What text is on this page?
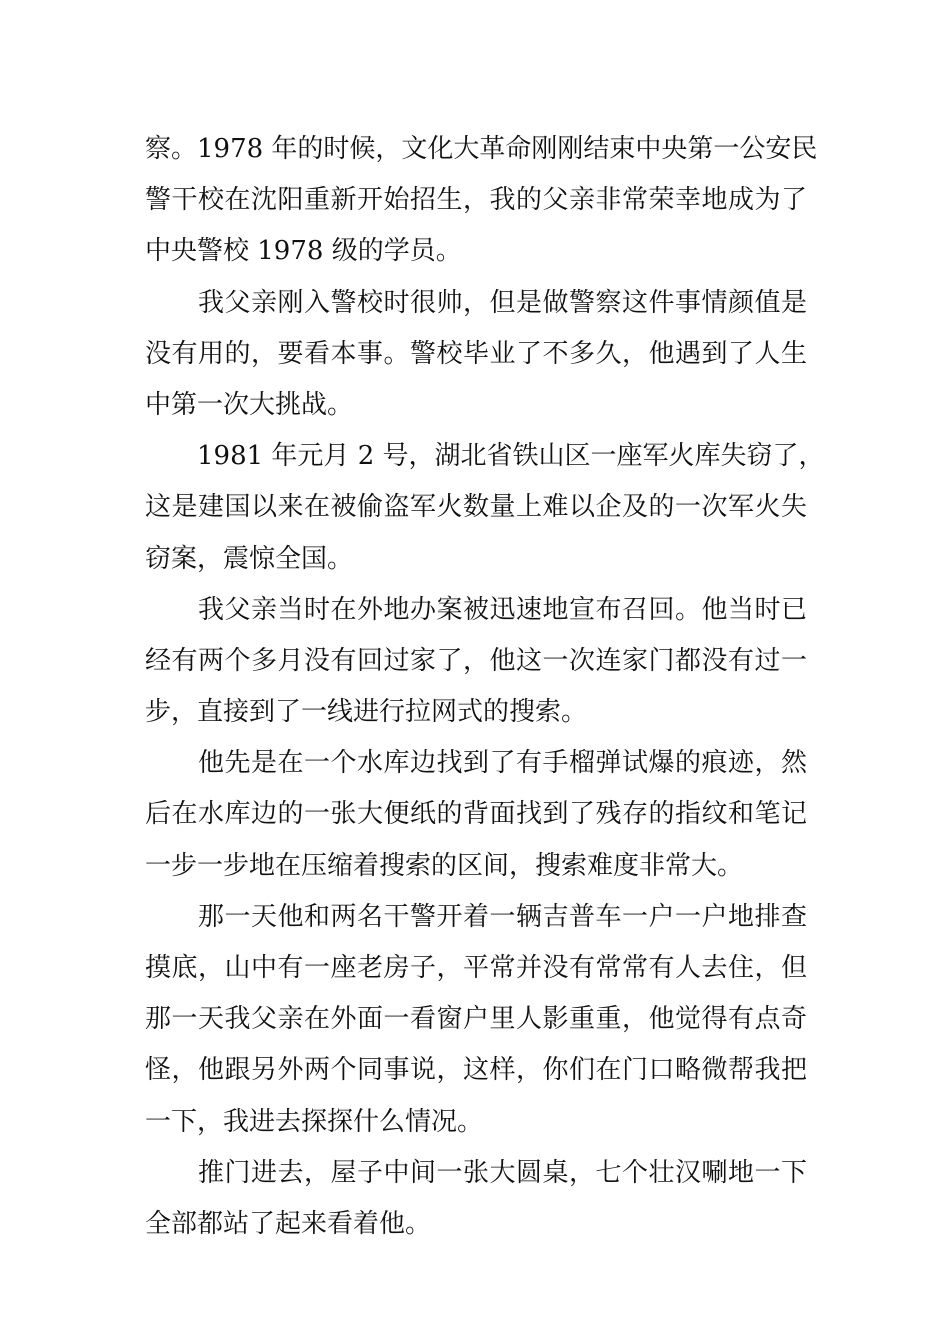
察。1978 年的时候，文化大革命刚刚结束中央第一公安民
警干校在沈阳重新开始招生，我的父亲非常荣幸地成为了
中央警校 1978 级的学员。
　　我父亲刚入警校时很帅，但是做警察这件事情颜值是
没有用的，要看本事。警校毕业了不多久，他遇到了人生
中第一次大挑战。
　　1981 年元月 2 号，湖北省铁山区一座军火库失窃了，
这是建国以来在被偷盗军火数量上难以企及的一次军火失
窃案，震惊全国。
　　我父亲当时在外地办案被迅速地宣布召回。他当时已
经有两个多月没有回过家了，他这一次连家门都没有过一
步，直接到了一线进行拉网式的搜索。
　　他先是在一个水库边找到了有手榴弹试爆的痕迹，然
后在水库边的一张大便纸的背面找到了残存的指纹和笔记
一步一步地在压缩着搜索的区间，搜索难度非常大。
　　那一天他和两名干警开着一辆吉普车一户一户地排查
摸底，山中有一座老房子，平常并没有常常有人去住，但
那一天我父亲在外面一看窗户里人影重重，他觉得有点奇
怪，他跟另外两个同事说，这样，你们在门口略微帮我把
一下，我进去探探什么情况。
　　推门进去，屋子中间一张大圆桌，七个壮汉唰地一下
全部都站了起来看着他。
